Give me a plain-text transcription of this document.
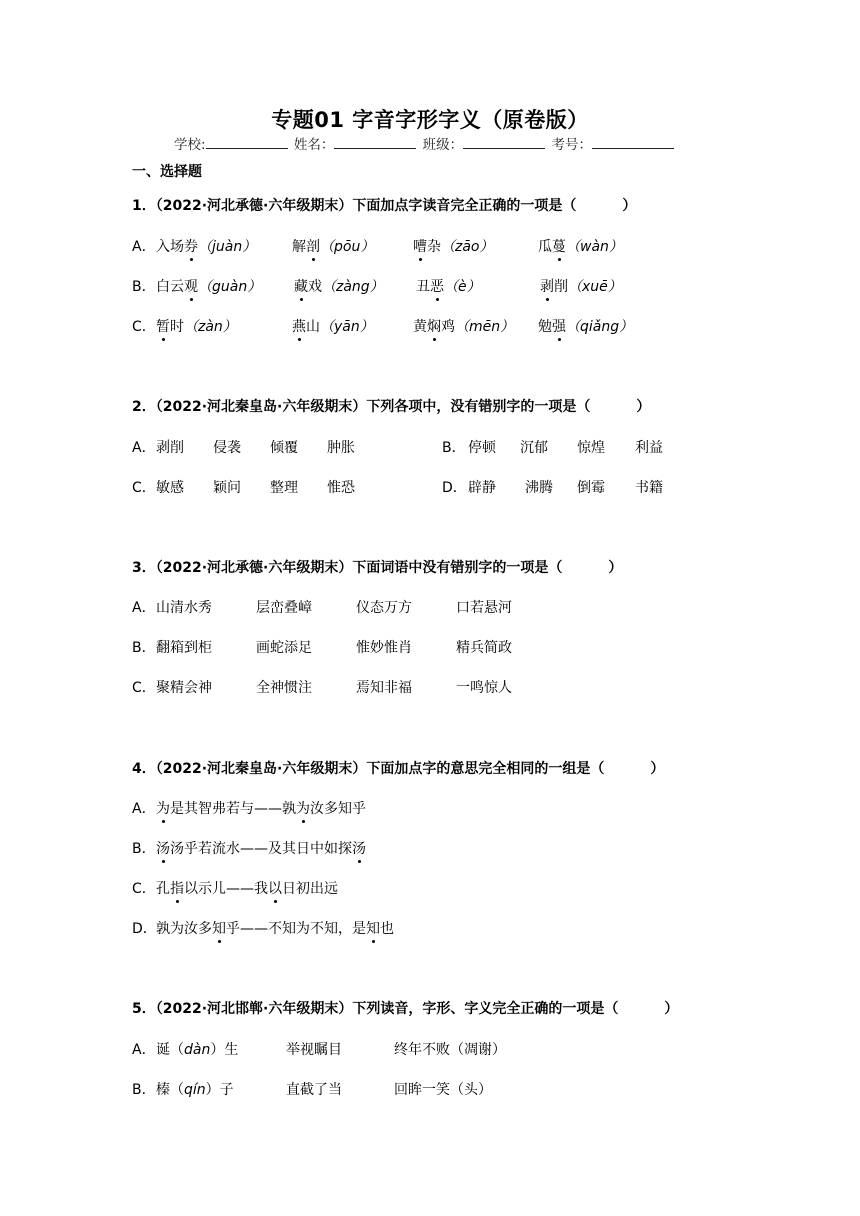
专题01 字音字形字义（原卷版）
学校:	姓名：	班级：	考号：
一、选择题
1．（2022·河北承德·六年级期末）下面加点字读音完全正确的一项是（	）
A． 入场券（juàn）	解剖（pōu）	嘈杂（zāo）	瓜蔓（wàn）
B． 白云观（guàn） 藏戏（zàng） 丑恶（è）	剥削（xuē）
C． 暂时（zàn）	燕山（yān）	黄焖鸡（mēn） 勉强（qiǎng）
2．（2022·河北秦皇岛·六年级期末）下列各项中，没有错别字的一项是（	）
A． 剥削 侵袭 倾覆 肿胀	B． 停顿 沉郁 惊煌 利益
C． 敏感 颖问 整理 惟恐	D． 辟静 沸腾 倒霉 书籍
3．（2022·河北承德·六年级期末）下面词语中没有错别字的一项是（	）
A． 山清水秀	层峦叠嶂	仪态万方	口若悬河
B． 翻箱到柜	画蛇添足	惟妙惟肖	精兵简政
C． 聚精会神	全神惯注	焉知非福	一鸣惊人
4．（2022·河北秦皇岛·六年级期末）下面加点字的意思完全相同的一组是（	）
A． 为是其智弗若与——孰为汝多知乎
B． 汤汤乎若流水——及其日中如探汤
C． 孔指以示儿——我以日初出远
D． 孰为汝多知乎——不知为不知，是知也
5．（2022·河北邯郸·六年级期末）下列读音，字形、字义完全正确的一项是（	）
A． 诞（dàn）生	举视瞩目	终年不败（凋谢）
B． 榛（qín）子	直截了当	回眸一笑（头）
